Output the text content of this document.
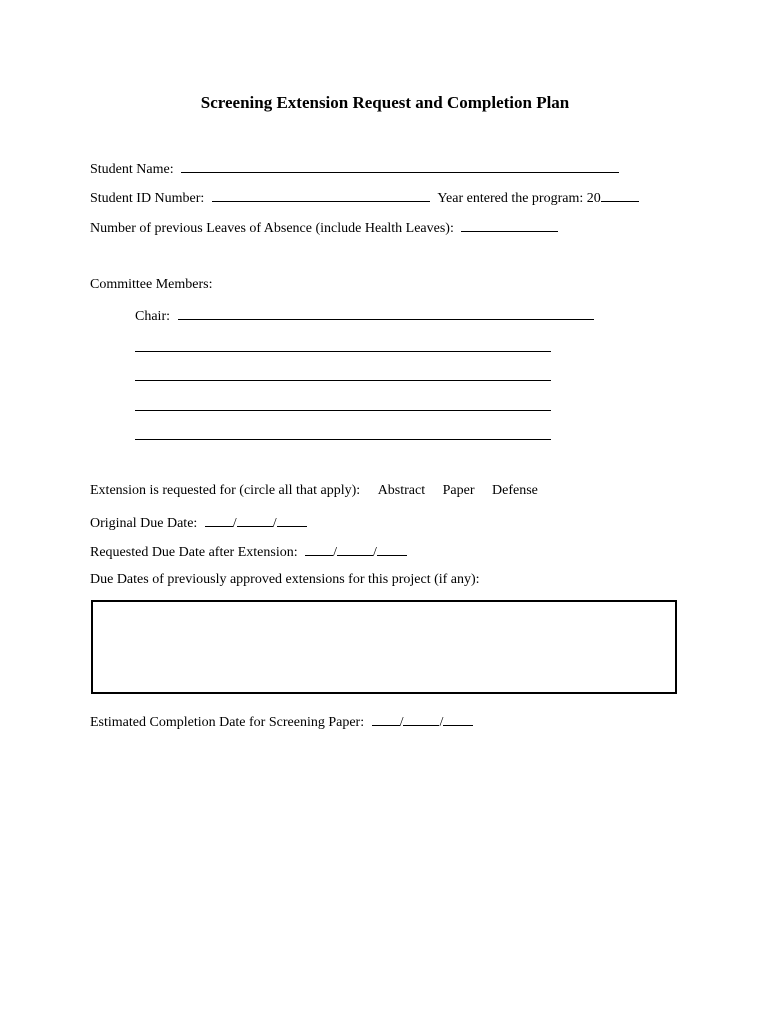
Screening Extension Request and Completion Plan
Student Name:
Student ID Number:	Year entered the program: 20
Number of previous Leaves of Absence (include Health Leaves):
Committee Members:
Chair:
Extension is requested for (circle all that apply): Abstract Paper Defense
Original Due Date:	/	/
Requested Due Date after Extension:	/	/
Due Dates of previously approved extensions for this project (if any):
Estimated Completion Date for Screening Paper:	/	/
